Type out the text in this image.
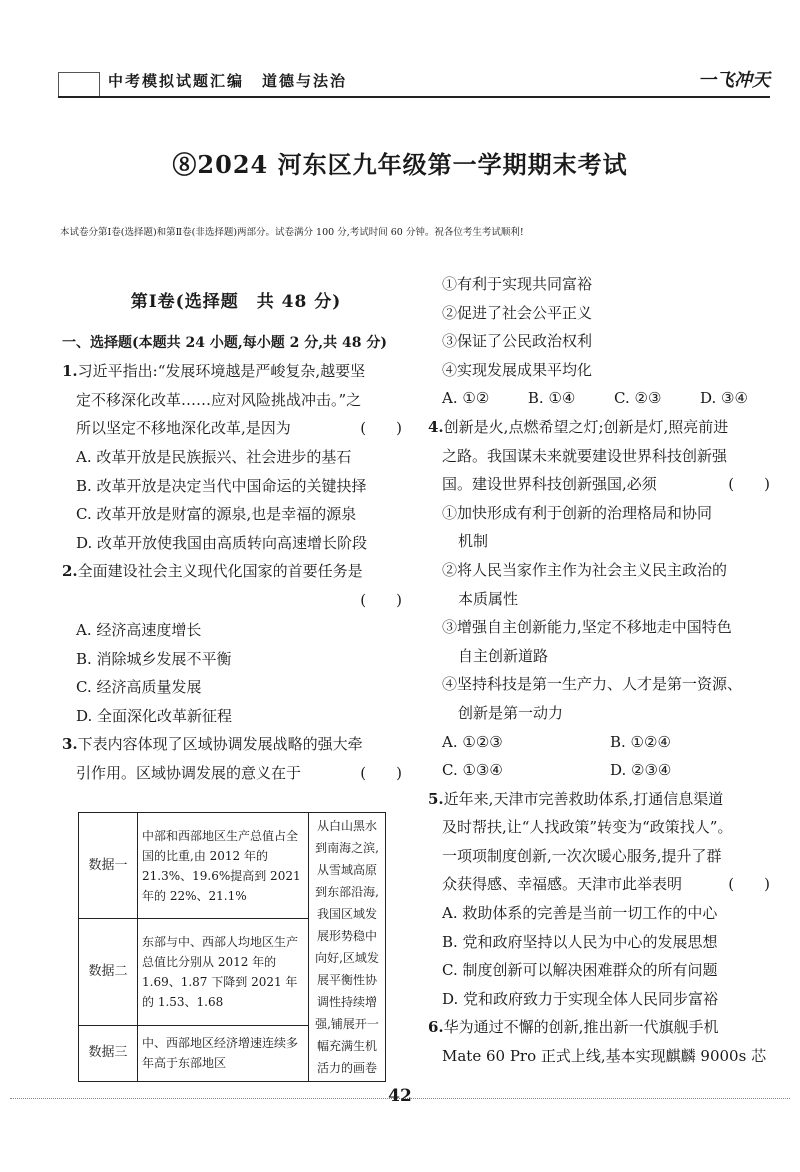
中考模拟试题汇编 道德与法治	一飞冲天
⑧2024 河东区九年级第一学期期末考试
本试卷分第Ⅰ卷(选择题)和第Ⅱ卷(非选择题)两部分。试卷满分 100 分,考试时间 60 分钟。祝各位考生考试顺利!

第Ⅰ卷(选择题　共 48 分)

一、选择题(本题共 24 小题,每小题 2 分,共 48 分)

1.习近平指出:“发展环境越是严峻复杂,越要坚

定不移深化改革……应对风险挑战冲击。”之

所以坚定不移地深化改革,是因为	(　　)

A. 改革开放是民族振兴、社会进步的基石

B. 改革开放是决定当代中国命运的关键抉择

C. 改革开放是财富的源泉,也是幸福的源泉

D. 改革开放使我国由高质转向高速增长阶段

2.全面建设社会主义现代化国家的首要任务是

(　　)

A. 经济高速度增长

B. 消除城乡发展不平衡

C. 经济高质量发展

D. 全面深化改革新征程

3.下表内容体现了区域协调发展战略的强大牵

引作用。区域协调发展的意义在于	(　　)

数据一	中部和西部地区生产总值占全国的比重,由 2012 年的 21.3%、19.6%提高到 2021 年的 22%、21.1%	从白山黑水到南海之滨,从雪域高原到东部沿海,我国区域发展形势稳中向好,区域发展平衡性协调性持续增强,铺展开一幅充满生机活力的画卷
数据二	东部与中、西部人均地区生产总值比分别从 2012 年的 1.69、1.87 下降到 2021 年的 1.53、1.68	
数据三	中、西部地区经济增速连续多年高于东部地区	

①有利于实现共同富裕

②促进了社会公平正义

③保证了公民政治权利

④实现发展成果平均化

A. ①②	B. ①④	C. ②③	D. ③④

4.创新是火,点燃希望之灯;创新是灯,照亮前进

之路。我国谋未来就要建设世界科技创新强

国。建设世界科技创新强国,必须	(　　)

①加快形成有利于创新的治理格局和协同

机制

②将人民当家作主作为社会主义民主政治的

本质属性

③增强自主创新能力,坚定不移地走中国特色

自主创新道路

④坚持科技是第一生产力、人才是第一资源、

创新是第一动力

A. ①②③	B. ①②④

C. ①③④	D. ②③④

5.近年来,天津市完善救助体系,打通信息渠道

及时帮扶,让“人找政策”转变为“政策找人”。

一项项制度创新,一次次暖心服务,提升了群

众获得感、幸福感。天津市此举表明	(　　)

A. 救助体系的完善是当前一切工作的中心

B. 党和政府坚持以人民为中心的发展思想

C. 制度创新可以解决困难群众的所有问题

D. 党和政府致力于实现全体人民同步富裕

6.华为通过不懈的创新,推出新一代旗舰手机

Mate 60 Pro 正式上线,基本实现麒麟 9000s 芯

42
